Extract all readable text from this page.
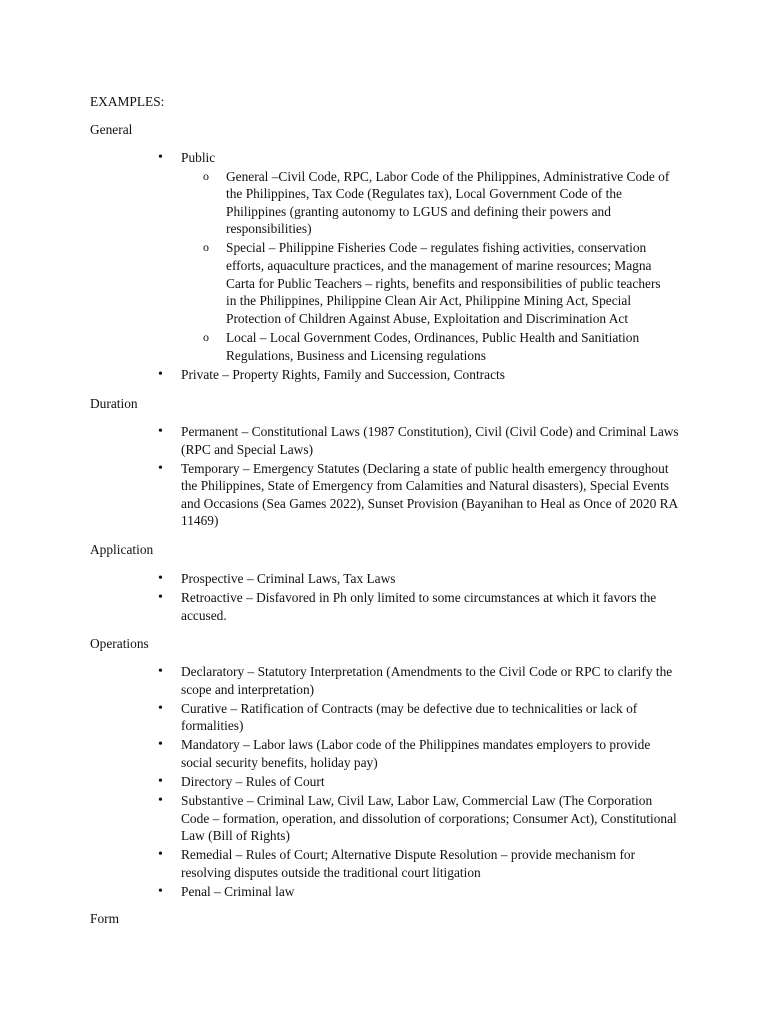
EXAMPLES:

General

• Public
o General –Civil Code, RPC, Labor Code of the Philippines, Administrative Code of the Philippines, Tax Code (Regulates tax), Local Government Code of the Philippines (granting autonomy to LGUS and defining their powers and responsibilities)
o Special – Philippine Fisheries Code – regulates fishing activities, conservation efforts, aquaculture practices, and the management of marine resources; Magna Carta for Public Teachers – rights, benefits and responsibilities of public teachers in the Philippines, Philippine Clean Air Act, Philippine Mining Act, Special Protection of Children Against Abuse, Exploitation and Discrimination Act
o Local – Local Government Codes, Ordinances, Public Health and Sanitiation Regulations, Business and Licensing regulations
• Private – Property Rights, Family and Succession, Contracts

Duration

• Permanent – Constitutional Laws (1987 Constitution), Civil (Civil Code) and Criminal Laws (RPC and Special Laws)
• Temporary – Emergency Statutes (Declaring a state of public health emergency throughout the Philippines, State of Emergency from Calamities and Natural disasters), Special Events and Occasions (Sea Games 2022), Sunset Provision (Bayanihan to Heal as Once of 2020 RA 11469)

Application

• Prospective – Criminal Laws, Tax Laws
• Retroactive – Disfavored in Ph only limited to some circumstances at which it favors the accused.

Operations

• Declaratory – Statutory Interpretation (Amendments to the Civil Code or RPC to clarify the scope and interpretation)
• Curative – Ratification of Contracts (may be defective due to technicalities or lack of formalities)
• Mandatory – Labor laws (Labor code of the Philippines mandates employers to provide social security benefits, holiday pay)
• Directory – Rules of Court
• Substantive – Criminal Law, Civil Law, Labor Law, Commercial Law (The Corporation Code – formation, operation, and dissolution of corporations; Consumer Act), Constitutional Law (Bill of Rights)
• Remedial – Rules of Court; Alternative Dispute Resolution – provide mechanism for resolving disputes outside the traditional court litigation
• Penal – Criminal law

Form
